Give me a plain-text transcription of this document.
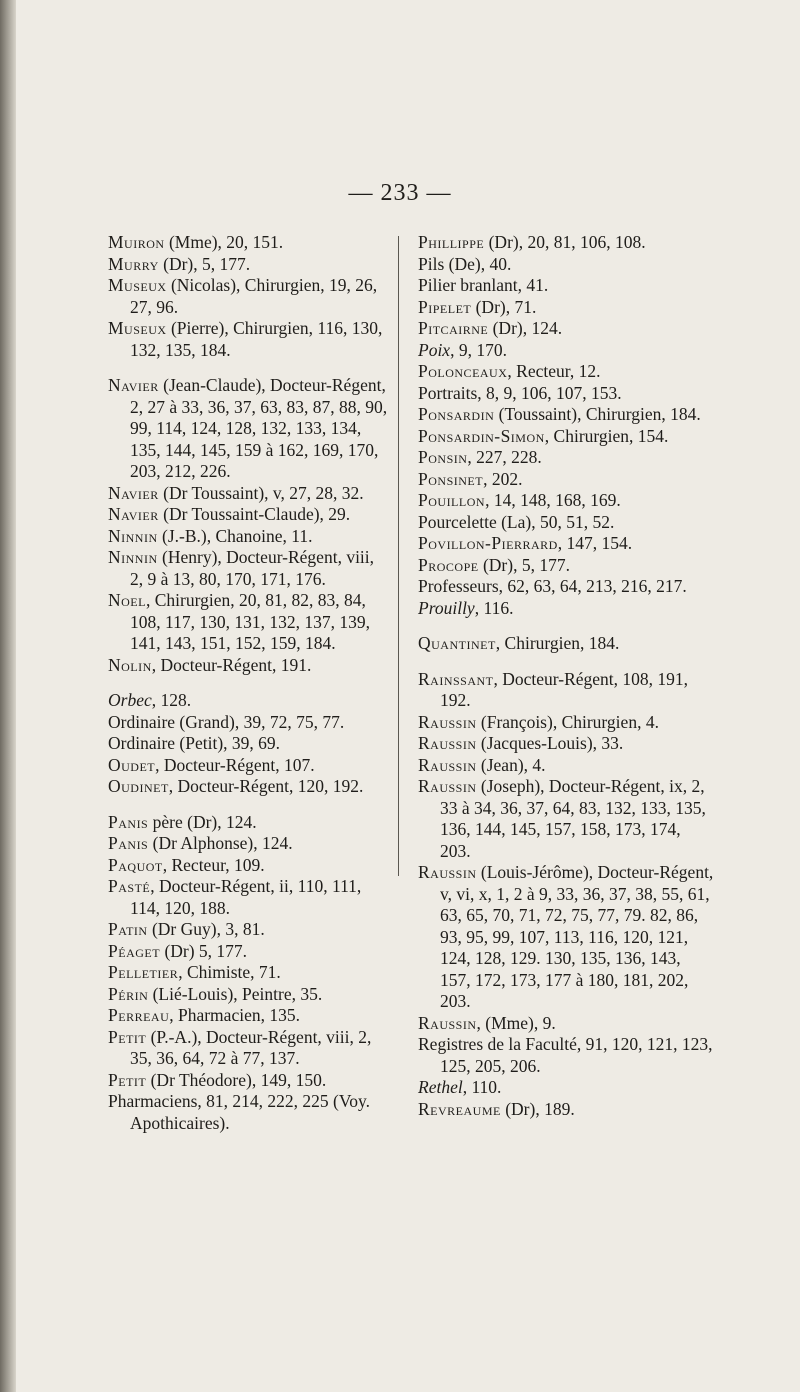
— 233 —
Muiron (Mme), 20, 151.
Murry (Dr), 5, 177.
Museux (Nicolas), Chirurgien, 19, 26, 27, 96.
Museux (Pierre), Chirurgien, 116, 130, 132, 135, 184.
Navier (Jean-Claude), Docteur-Régent, 2, 27 à 33, 36, 37, 63, 83, 87, 88, 90, 99, 114, 124, 128, 132, 133, 134, 135, 144, 145, 159 à 162, 169, 170, 203, 212, 226.
Navier (Dr Toussaint), v, 27, 28, 32.
Navier (Dr Toussaint-Claude), 29.
Ninnin (J.-B.), Chanoine, 11.
Ninnin (Henry), Docteur-Régent, viii, 2, 9 à 13, 80, 170, 171, 176.
Noel, Chirurgien, 20, 81, 82, 83, 84, 108, 117, 130, 131, 132, 137, 139, 141, 143, 151, 152, 159, 184.
Nolin, Docteur-Régent, 191.
Orbec, 128.
Ordinaire (Grand), 39, 72, 75, 77.
Ordinaire (Petit), 39, 69.
Oudet, Docteur-Régent, 107.
Oudinet, Docteur-Régent, 120, 192.
Panis père (Dr), 124.
Panis (Dr Alphonse), 124.
Paquot, Recteur, 109.
Pasté, Docteur-Régent, ii, 110, 111, 114, 120, 188.
Patin (Dr Guy), 3, 81.
Péaget (Dr) 5, 177.
Pelletier, Chimiste, 71.
Périn (Lié-Louis), Peintre, 35.
Perreau, Pharmacien, 135.
Petit (P.-A.), Docteur-Régent, viii, 2, 35, 36, 64, 72 à 77, 137.
Petit (Dr Théodore), 149, 150.
Pharmaciens, 81, 214, 222, 225 (Voy. Apothicaires).
Phillippe (Dr), 20, 81, 106, 108.
Pils (De), 40.
Pilier branlant, 41.
Pipelet (Dr), 71.
Pitcairne (Dr), 124.
Poix, 9, 170.
Polonceaux, Recteur, 12.
Portraits, 8, 9, 106, 107, 153.
Ponsardin (Toussaint), Chirurgien, 184.
Ponsardin-Simon, Chirurgien, 154.
Ponsin, 227, 228.
Ponsinet, 202.
Pouillon, 14, 148, 168, 169.
Pourcelette (La), 50, 51, 52.
Povillon-Pierrard, 147, 154.
Procope (Dr), 5, 177.
Professeurs, 62, 63, 64, 213, 216, 217.
Prouilly, 116.
Quantinet, Chirurgien, 184.
Rainssant, Docteur-Régent, 108, 191, 192.
Raussin (François), Chirurgien, 4.
Raussin (Jacques-Louis), 33.
Raussin (Jean), 4.
Raussin (Joseph), Docteur-Régent, ix, 2, 33 à 34, 36, 37, 64, 83, 132, 133, 135, 136, 144, 145, 157, 158, 173, 174, 203.
Raussin (Louis-Jérôme), Docteur-Régent, v, vi, x, 1, 2 à 9, 33, 36, 37, 38, 55, 61, 63, 65, 70, 71, 72, 75, 77, 79. 82, 86, 93, 95, 99, 107, 113, 116, 120, 121, 124, 128, 129. 130, 135, 136, 143, 157, 172, 173, 177 à 180, 181, 202, 203.
Raussin, (Mme), 9.
Registres de la Faculté, 91, 120, 121, 123, 125, 205, 206.
Rethel, 110.
Revreaume (Dr), 189.
